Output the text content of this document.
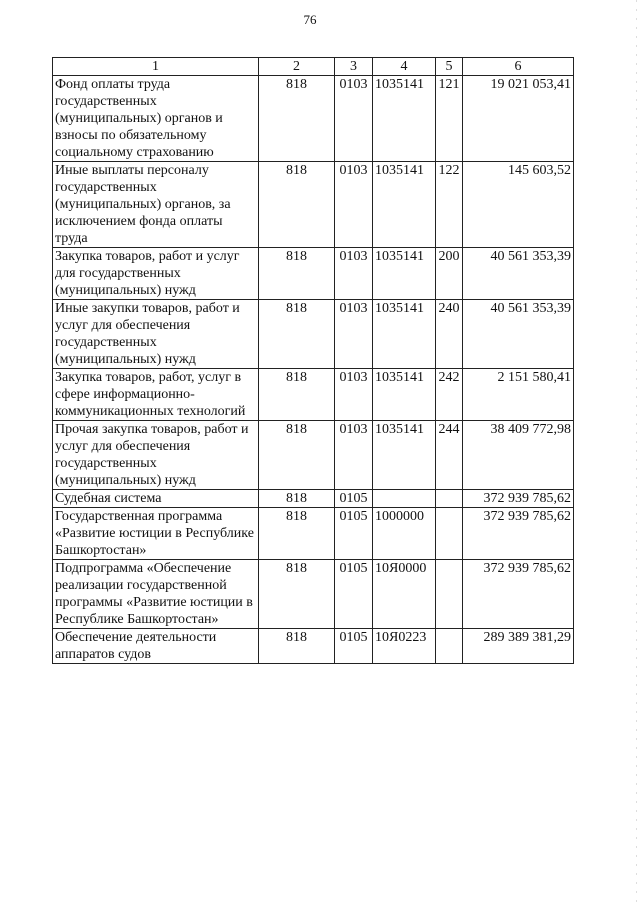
76
1	2	3	4	5	6
Фонд оплаты труда государственных (муниципальных) органов и взносы по обязательному социальному страхованию	818	0103	1035141	121	19 021 053,41
Иные выплаты персоналу государственных (муниципальных) органов, за исключением фонда оплаты труда	818	0103	1035141	122	145 603,52
Закупка товаров, работ и услуг для государственных (муниципальных) нужд	818	0103	1035141	200	40 561 353,39
Иные закупки товаров, работ и услуг для обеспечения государственных (муниципальных) нужд	818	0103	1035141	240	40 561 353,39
Закупка товаров, работ, услуг в сфере информационно-коммуникационных технологий	818	0103	1035141	242	2 151 580,41
Прочая закупка товаров, работ и услуг для обеспечения государственных (муниципальных) нужд	818	0103	1035141	244	38 409 772,98
Судебная система	818	0105			372 939 785,62
Государственная программа «Развитие юстиции в Республике Башкортостан»	818	0105	1000000		372 939 785,62
Подпрограмма «Обеспечение реализации государственной программы «Развитие юстиции в Республике Башкортостан»	818	0105	10Я0000		372 939 785,62
Обеспечение деятельности аппаратов судов	818	0105	10Я0223		289 389 381,29
